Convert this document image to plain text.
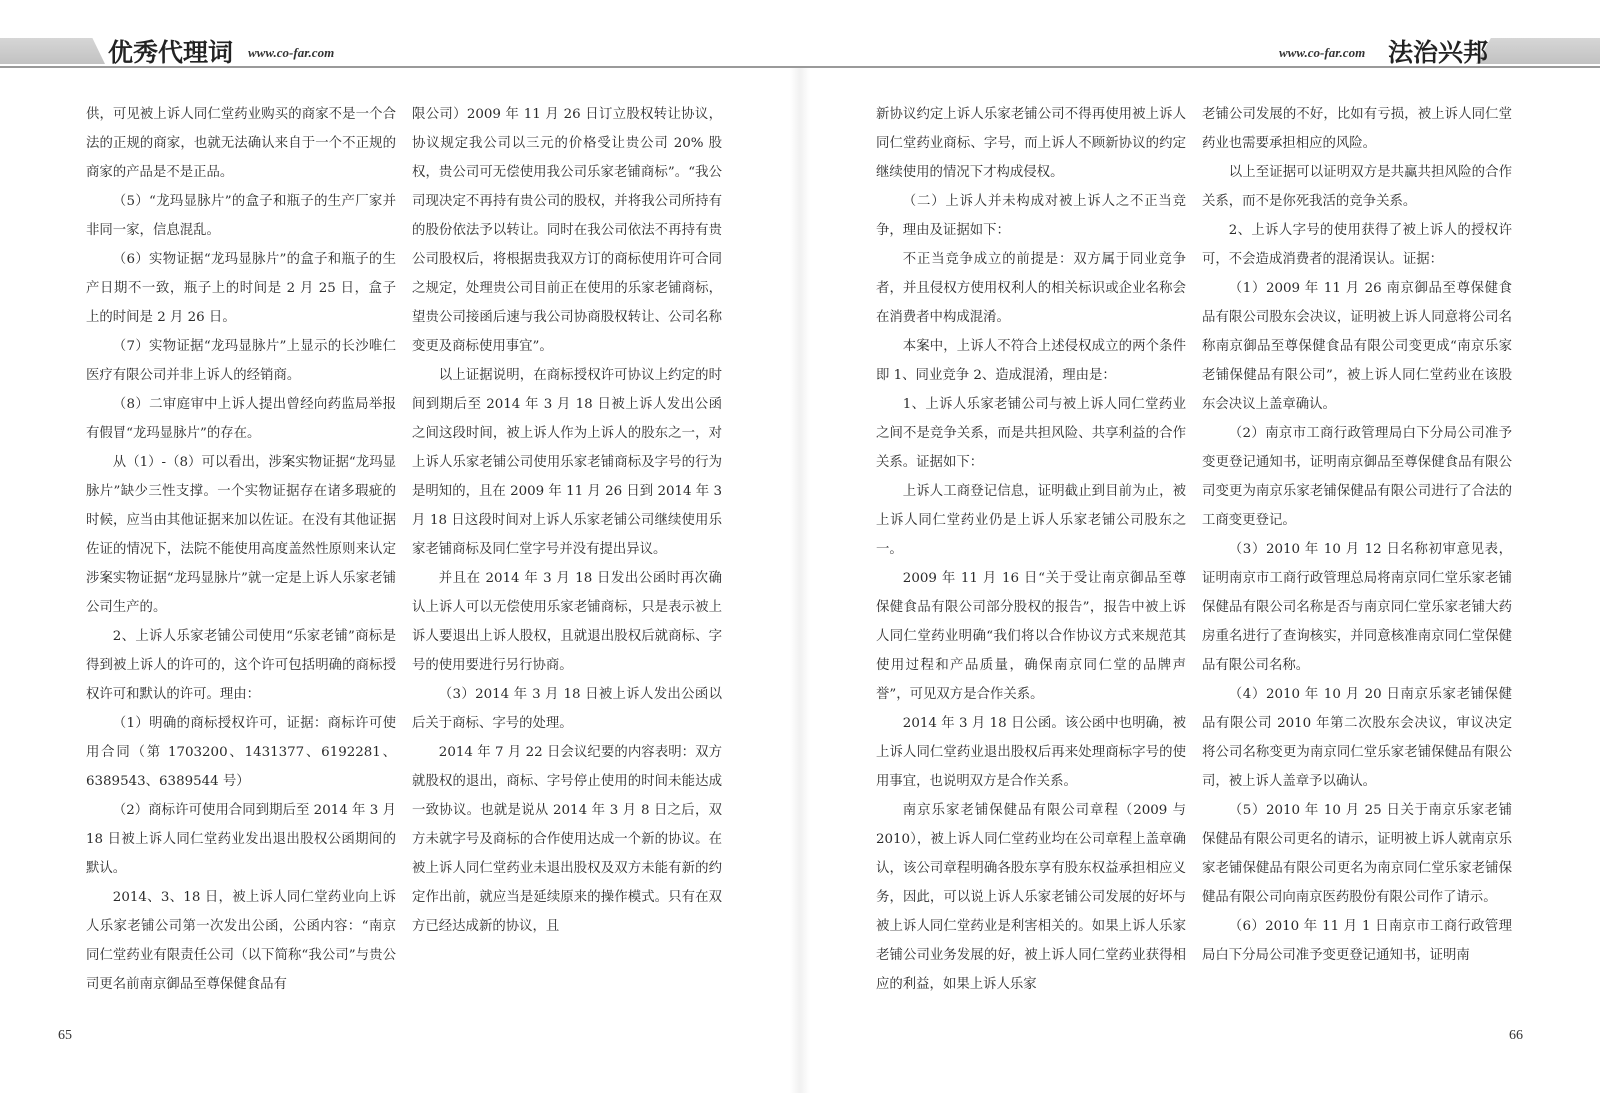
优秀代理词 www.co-far.com	www.co-far.com 法治兴邦

供，可见被上诉人同仁堂药业购买的商家不是一个合法的正规的商家，也就无法确认来自于一个不正规的商家的产品是不是正品。

（5）“龙玛显脉片”的盒子和瓶子的生产厂家并非同一家，信息混乱。

（6）实物证据“龙玛显脉片”的盒子和瓶子的生产日期不一致，瓶子上的时间是 2 月 25 日，盒子上的时间是 2 月 26 日。

（7）实物证据“龙玛显脉片”上显示的长沙唯仁医疗有限公司并非上诉人的经销商。

（8）二审庭审中上诉人提出曾经向药监局举报有假冒“龙玛显脉片”的存在。

从（1）-（8）可以看出，涉案实物证据“龙玛显脉片”缺少三性支撑。一个实物证据存在诸多瑕疵的时候，应当由其他证据来加以佐证。在没有其他证据佐证的情况下，法院不能使用高度盖然性原则来认定涉案实物证据“龙玛显脉片”就一定是上诉人乐家老铺公司生产的。

2、上诉人乐家老铺公司使用“乐家老铺”商标是得到被上诉人的许可的，这个许可包括明确的商标授权许可和默认的许可。理由：

（1）明确的商标授权许可，证据：商标许可使用合同（第 1703200、1431377、6192281、6389543、6389544 号）

（2）商标许可使用合同到期后至 2014 年 3 月 18 日被上诉人同仁堂药业发出退出股权公函期间的默认。

2014、3、18 日，被上诉人同仁堂药业向上诉人乐家老铺公司第一次发出公函，公函内容：“南京同仁堂药业有限责任公司（以下简称“我公司”与贵公司更名前南京御品至尊保健食品有

限公司）2009 年 11 月 26 日订立股权转让协议，协议规定我公司以三元的价格受让贵公司 20% 股权，贵公司可无偿使用我公司乐家老铺商标”。“我公司现决定不再持有贵公司的股权，并将我公司所持有的股份依法予以转让。同时在我公司依法不再持有贵公司股权后，将根据贵我双方订的商标使用许可合同之规定，处理贵公司目前正在使用的乐家老铺商标，望贵公司接函后速与我公司协商股权转让、公司名称变更及商标使用事宜”。

以上证据说明，在商标授权许可协议上约定的时间到期后至 2014 年 3 月 18 日被上诉人发出公函之间这段时间，被上诉人作为上诉人的股东之一，对上诉人乐家老铺公司使用乐家老铺商标及字号的行为是明知的，且在 2009 年 11 月 26 日到 2014 年 3 月 18 日这段时间对上诉人乐家老铺公司继续使用乐家老铺商标及同仁堂字号并没有提出异议。

并且在 2014 年 3 月 18 日发出公函时再次确认上诉人可以无偿使用乐家老铺商标，只是表示被上诉人要退出上诉人股权，且就退出股权后就商标、字号的使用要进行另行协商。

（3）2014 年 3 月 18 日被上诉人发出公函以后关于商标、字号的处理。

2014 年 7 月 22 日会议纪要的内容表明：双方就股权的退出，商标、字号停止使用的时间未能达成一致协议。也就是说从 2014 年 3 月 8 日之后，双方未就字号及商标的合作使用达成一个新的协议。在被上诉人同仁堂药业未退出股权及双方未能有新的约定作出前，就应当是延续原来的操作模式。只有在双方已经达成新的协议，且

新协议约定上诉人乐家老铺公司不得再使用被上诉人同仁堂药业商标、字号，而上诉人不顾新协议的约定继续使用的情况下才构成侵权。

（二）上诉人并未构成对被上诉人之不正当竞争，理由及证据如下：

不正当竞争成立的前提是：双方属于同业竞争者，并且侵权方使用权利人的相关标识或企业名称会在消费者中构成混淆。

本案中，上诉人不符合上述侵权成立的两个条件即 1、同业竞争 2、造成混淆，理由是：

1、上诉人乐家老铺公司与被上诉人同仁堂药业之间不是竞争关系，而是共担风险、共享利益的合作关系。证据如下：

上诉人工商登记信息，证明截止到目前为止，被上诉人同仁堂药业仍是上诉人乐家老铺公司股东之一。

2009 年 11 月 16 日“关于受让南京御品至尊保健食品有限公司部分股权的报告”，报告中被上诉人同仁堂药业明确“我们将以合作协议方式来规范其使用过程和产品质量，确保南京同仁堂的品牌声誉”，可见双方是合作关系。

2014 年 3 月 18 日公函。该公函中也明确，被上诉人同仁堂药业退出股权后再来处理商标字号的使用事宜，也说明双方是合作关系。

南京乐家老铺保健品有限公司章程（2009 与 2010），被上诉人同仁堂药业均在公司章程上盖章确认，该公司章程明确各股东享有股东权益承担相应义务，因此，可以说上诉人乐家老铺公司发展的好坏与被上诉人同仁堂药业是利害相关的。如果上诉人乐家老铺公司业务发展的好，被上诉人同仁堂药业获得相应的利益，如果上诉人乐家

老铺公司发展的不好，比如有亏损，被上诉人同仁堂药业也需要承担相应的风险。

以上至证据可以证明双方是共赢共担风险的合作关系，而不是你死我活的竞争关系。

2、上诉人字号的使用获得了被上诉人的授权许可，不会造成消费者的混淆误认。证据：

（1）2009 年 11 月 26 南京御品至尊保健食品有限公司股东会决议，证明被上诉人同意将公司名称南京御品至尊保健食品有限公司变更成“南京乐家老铺保健品有限公司”，被上诉人同仁堂药业在该股东会决议上盖章确认。

（2）南京市工商行政管理局白下分局公司准予变更登记通知书，证明南京御品至尊保健食品有限公司变更为南京乐家老铺保健品有限公司进行了合法的工商变更登记。

（3）2010 年 10 月 12 日名称初审意见表，证明南京市工商行政管理总局将南京同仁堂乐家老铺保健品有限公司名称是否与南京同仁堂乐家老铺大药房重名进行了查询核实，并同意核准南京同仁堂保健品有限公司名称。

（4）2010 年 10 月 20 日南京乐家老铺保健品有限公司 2010 年第二次股东会决议，审议决定将公司名称变更为南京同仁堂乐家老铺保健品有限公司，被上诉人盖章予以确认。

（5）2010 年 10 月 25 日关于南京乐家老铺保健品有限公司更名的请示，证明被上诉人就南京乐家老铺保健品有限公司更名为南京同仁堂乐家老铺保健品有限公司向南京医药股份有限公司作了请示。

（6）2010 年 11 月 1 日南京市工商行政管理局白下分局公司准予变更登记通知书，证明南

65	66
